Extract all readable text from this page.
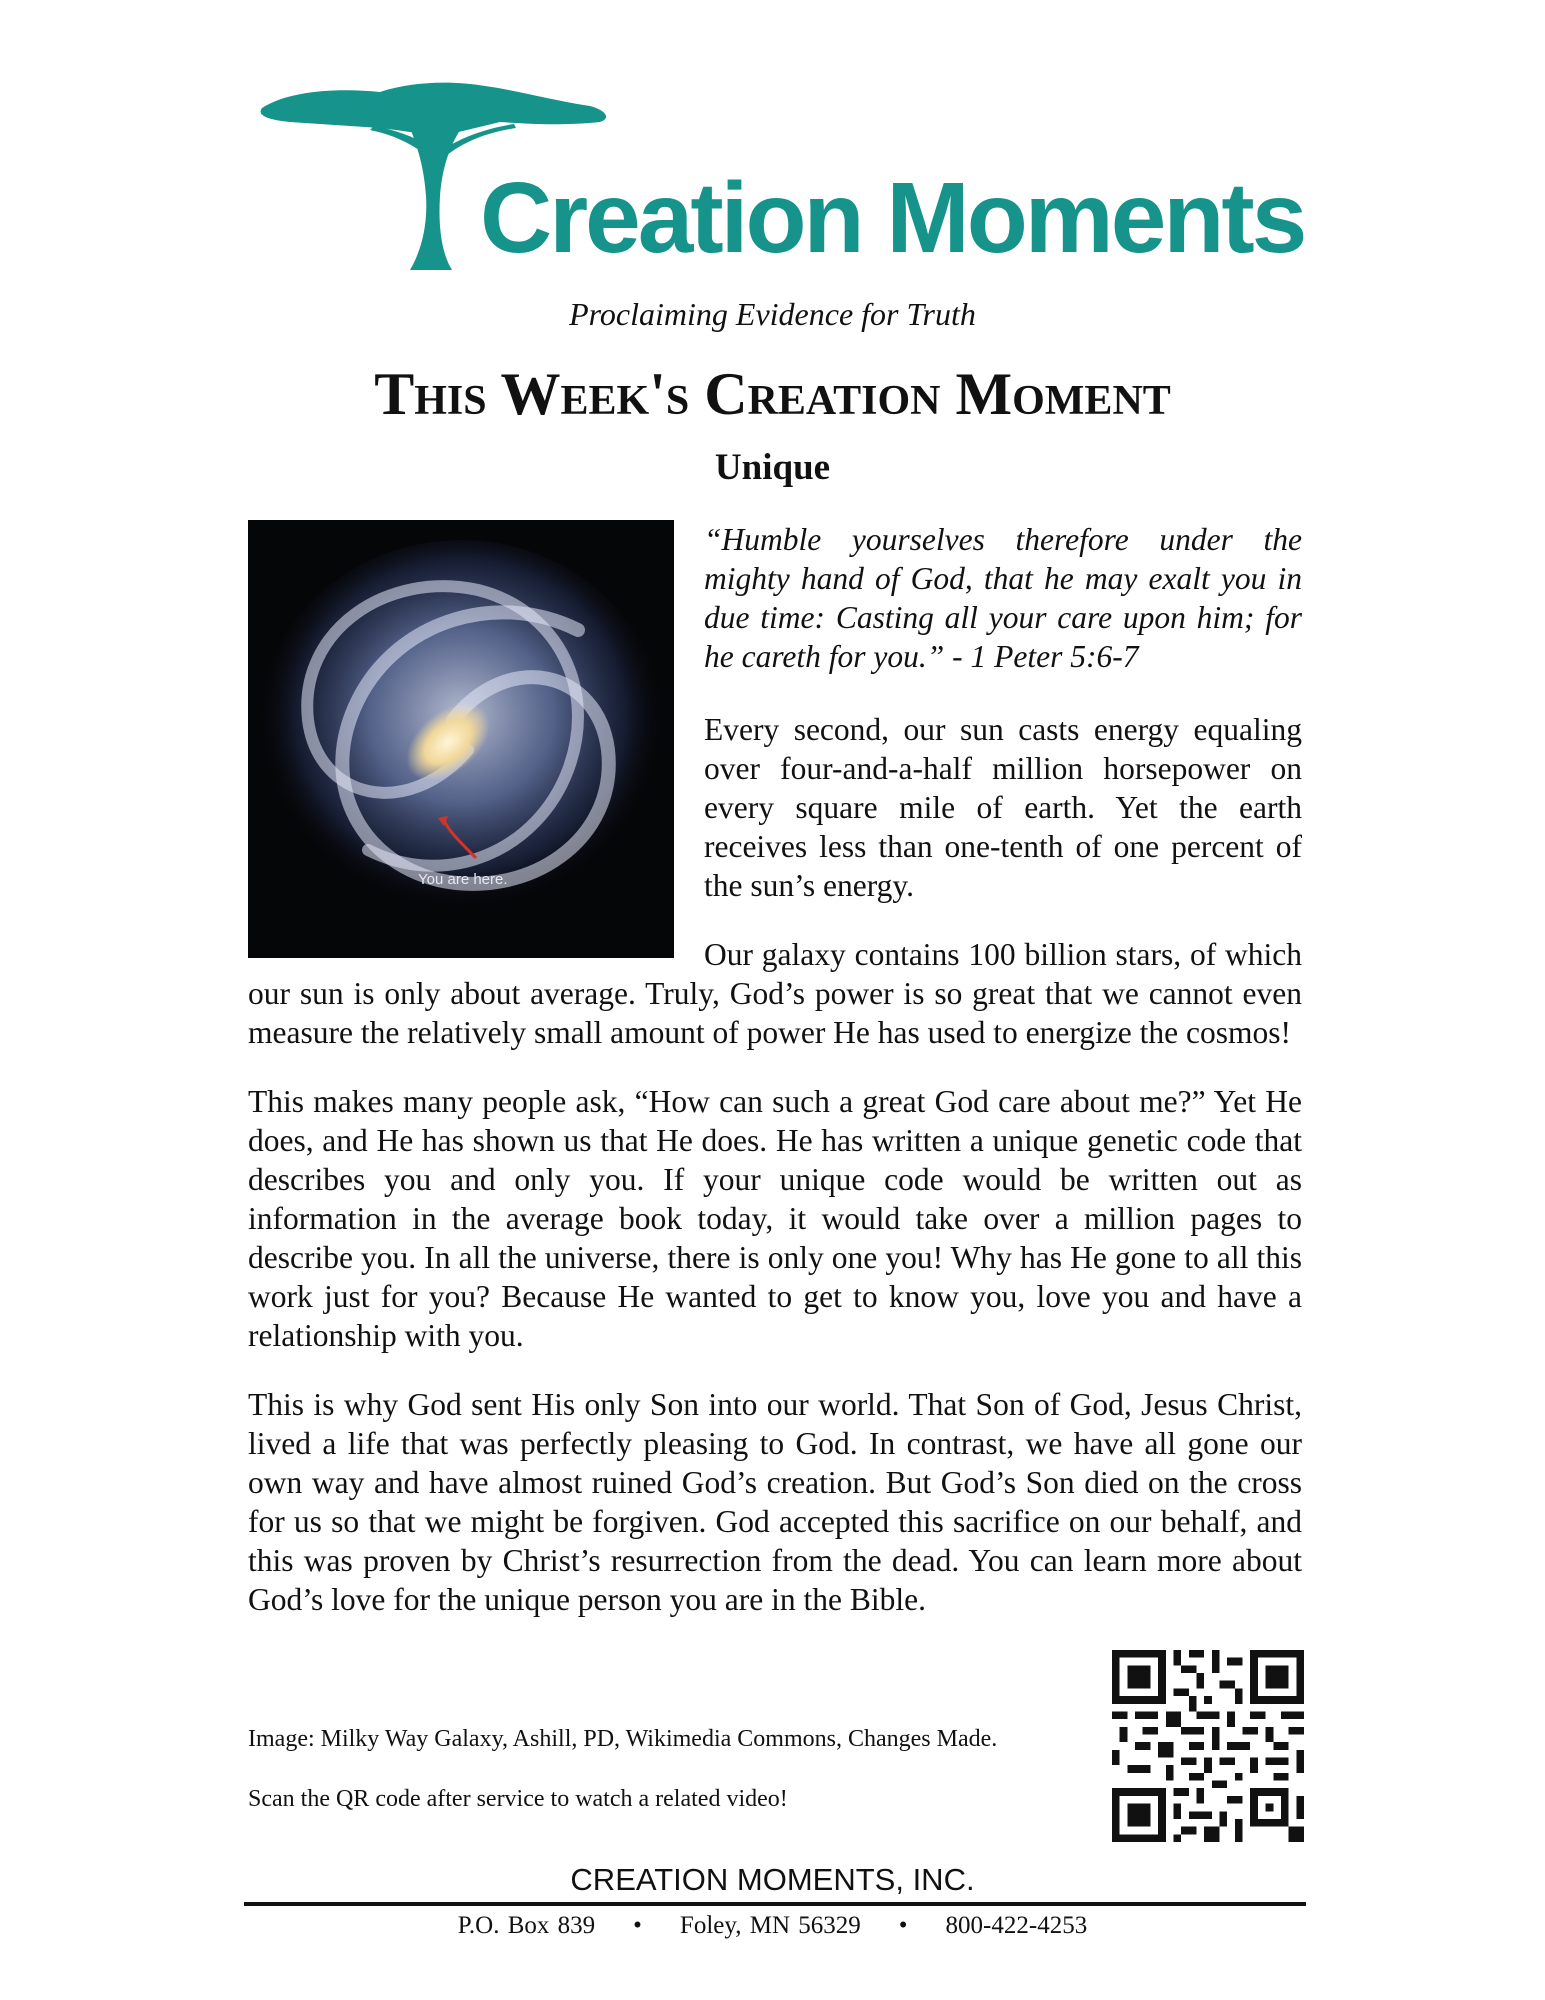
Creation Moments
Proclaiming Evidence for Truth
This Week's Creation Moment
Unique
You are here.

“Humble yourselves therefore under the mighty hand of God, that he may exalt you in due time: Casting all your care upon him; for he careth for you.” - 1 Peter 5:6-7

Every second, our sun casts energy equaling over four-and-a-half million horsepower on every square mile of earth. Yet the earth receives less than one-tenth of one percent of the sun’s energy.

Our galaxy contains 100 billion stars, of which our sun is only about average. Truly, God’s power is so great that we cannot even measure the relatively small amount of power He has used to energize the cosmos!

This makes many people ask, “How can such a great God care about me?” Yet He does, and He has shown us that He does. He has written a unique genetic code that describes you and only you. If your unique code would be written out as information in the average book today, it would take over a million pages to describe you. In all the universe, there is only one you! Why has He gone to all this work just for you? Because He wanted to get to know you, love you and have a relationship with you.

This is why God sent His only Son into our world. That Son of God, Jesus Christ, lived a life that was perfectly pleasing to God. In contrast, we have all gone our own way and have almost ruined God’s creation. But God’s Son died on the cross for us so that we might be forgiven. God accepted this sacrifice on our behalf, and this was proven by Christ’s resurrection from the dead. You can learn more about God’s love for the unique person you are in the Bible.

Image: Milky Way Galaxy, Ashill, PD, Wikimedia Commons, Changes Made.
Scan the QR code after service to watch a related video!
CREATION MOMENTS, INC.
P.O. Box 839 • Foley, MN 56329 • 800-422-4253
